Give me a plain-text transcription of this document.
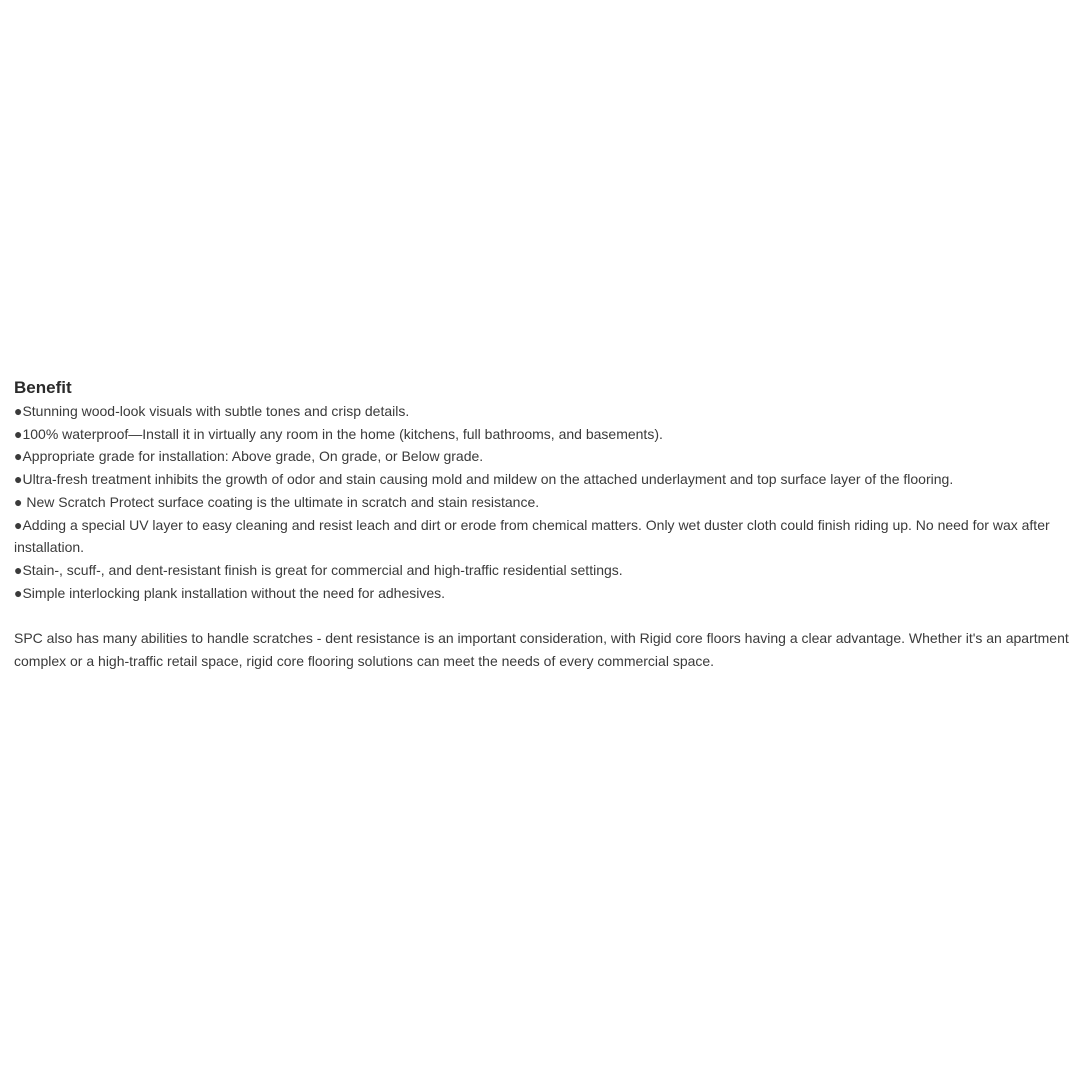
Benefit
●Stunning wood-look visuals with subtle tones and crisp details.
●100% waterproof—Install it in virtually any room in the home (kitchens, full bathrooms, and basements).
●Appropriate grade for installation: Above grade, On grade, or Below grade.
●Ultra-fresh treatment inhibits the growth of odor and stain causing mold and mildew on the attached underlayment and top surface layer of the flooring.
● New Scratch Protect surface coating is the ultimate in scratch and stain resistance.
●Adding a special UV layer to easy cleaning and resist leach and dirt or erode from chemical matters. Only wet duster cloth could finish riding up. No need for wax after installation.
●Stain-, scuff-, and dent-resistant finish is great for commercial and high-traffic residential settings.
●Simple interlocking plank installation without the need for adhesives.

SPC also has many abilities to handle scratches - dent resistance is an important consideration, with Rigid core floors having a clear advantage. Whether it's an apartment complex or a high-traffic retail space, rigid core flooring solutions can meet the needs of every commercial space.
